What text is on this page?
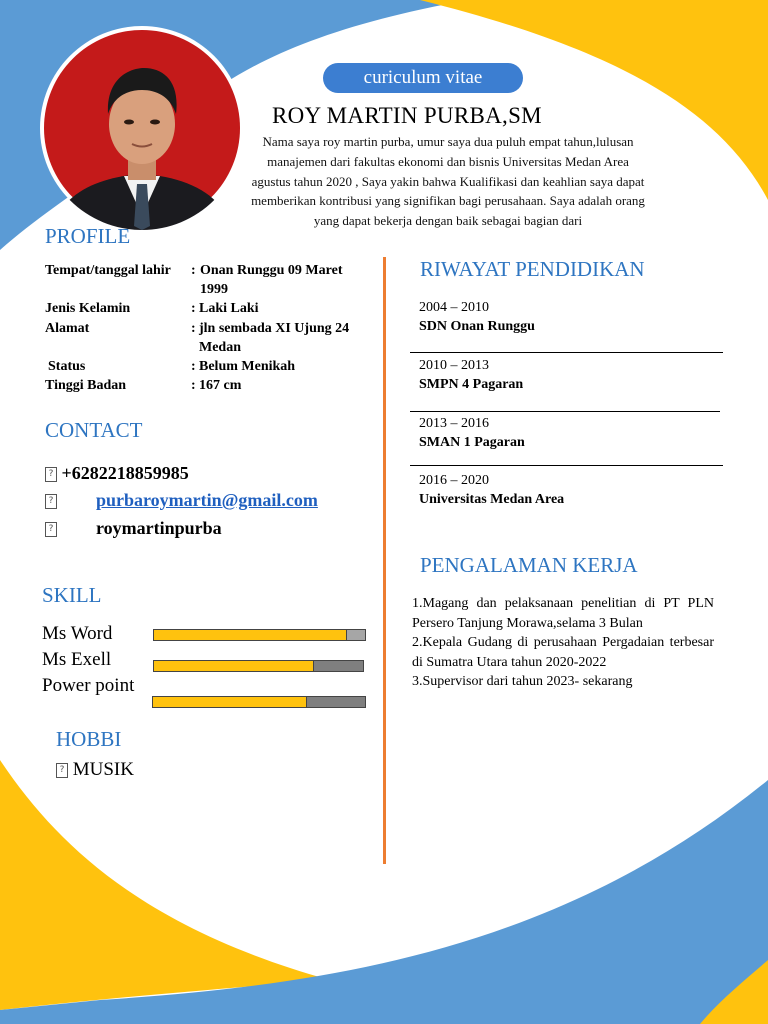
curiculum vitae
ROY MARTIN PURBA,SM
Nama saya roy martin purba, umur saya dua puluh empat tahun,lulusan manajemen dari fakultas ekonomi dan bisnis Universitas Medan Area agustus tahun 2020 , Saya yakin bahwa Kualifikasi dan keahlian saya dapat memberikan kontribusi yang signifikan bagi perusahaan. Saya adalah orang yang dapat bekerja dengan baik sebagai bagian dari
PROFILE
Tempat/tanggal lahir	: Onan Runggu 09 Maret 1999
Jenis Kelamin	: Laki Laki
Alamat	: jln sembada XI Ujung 24 Medan
Status	: Belum Menikah
Tinggi Badan	: 167 cm
CONTACT
? +6282218859985
? purbaroymartin@gmail.com
? roymartinpurba
SKILL
Ms Word
Ms Exell
Power point
HOBBI
? MUSIK
RIWAYAT PENDIDIKAN
2004 – 2010
SDN Onan Runggu
2010 – 2013
SMPN 4 Pagaran
2013 – 2016
SMAN 1 Pagaran
2016 – 2020
Universitas Medan Area
PENGALAMAN KERJA
1.Magang dan pelaksanaan penelitian di PT PLN Persero Tanjung Morawa,selama 3 Bulan
2.Kepala Gudang di perusahaan Pergadaian terbesar di Sumatra Utara tahun 2020-2022
3.Supervisor dari tahun 2023- sekarang
